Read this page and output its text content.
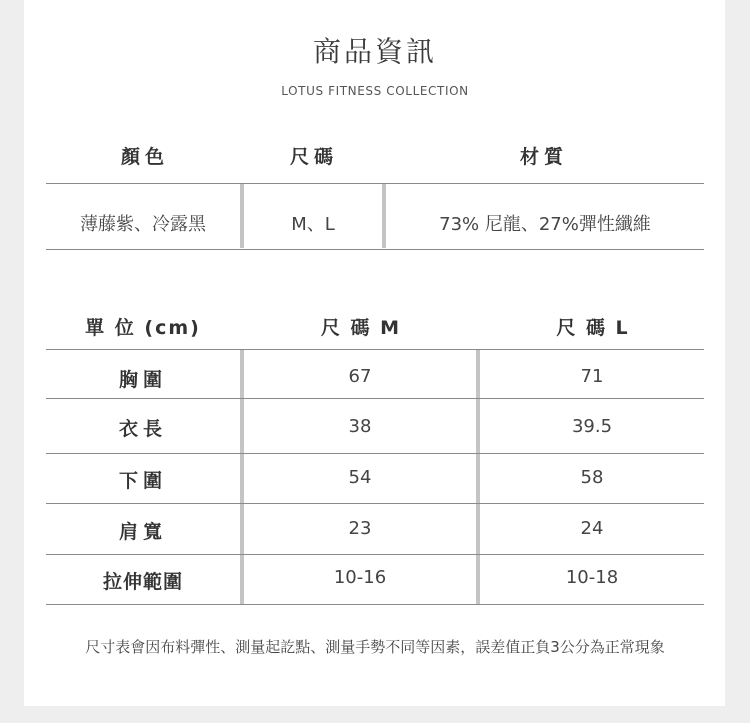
商品資訊
LOTUS FITNESS COLLECTION
顏色	尺碼	材質
薄藤紫、冷露黑	M、L	73% 尼龍、27%彈性纖維
單 位 (cm)	尺 碼 M	尺 碼 L
胸圍	67	71
衣長	38	39.5
下圍	54	58
肩寬	23	24
拉伸範圍	10-16	10-18
尺寸表會因布料彈性、測量起訖點、測量手勢不同等因素，誤差值正負3公分為正常現象
